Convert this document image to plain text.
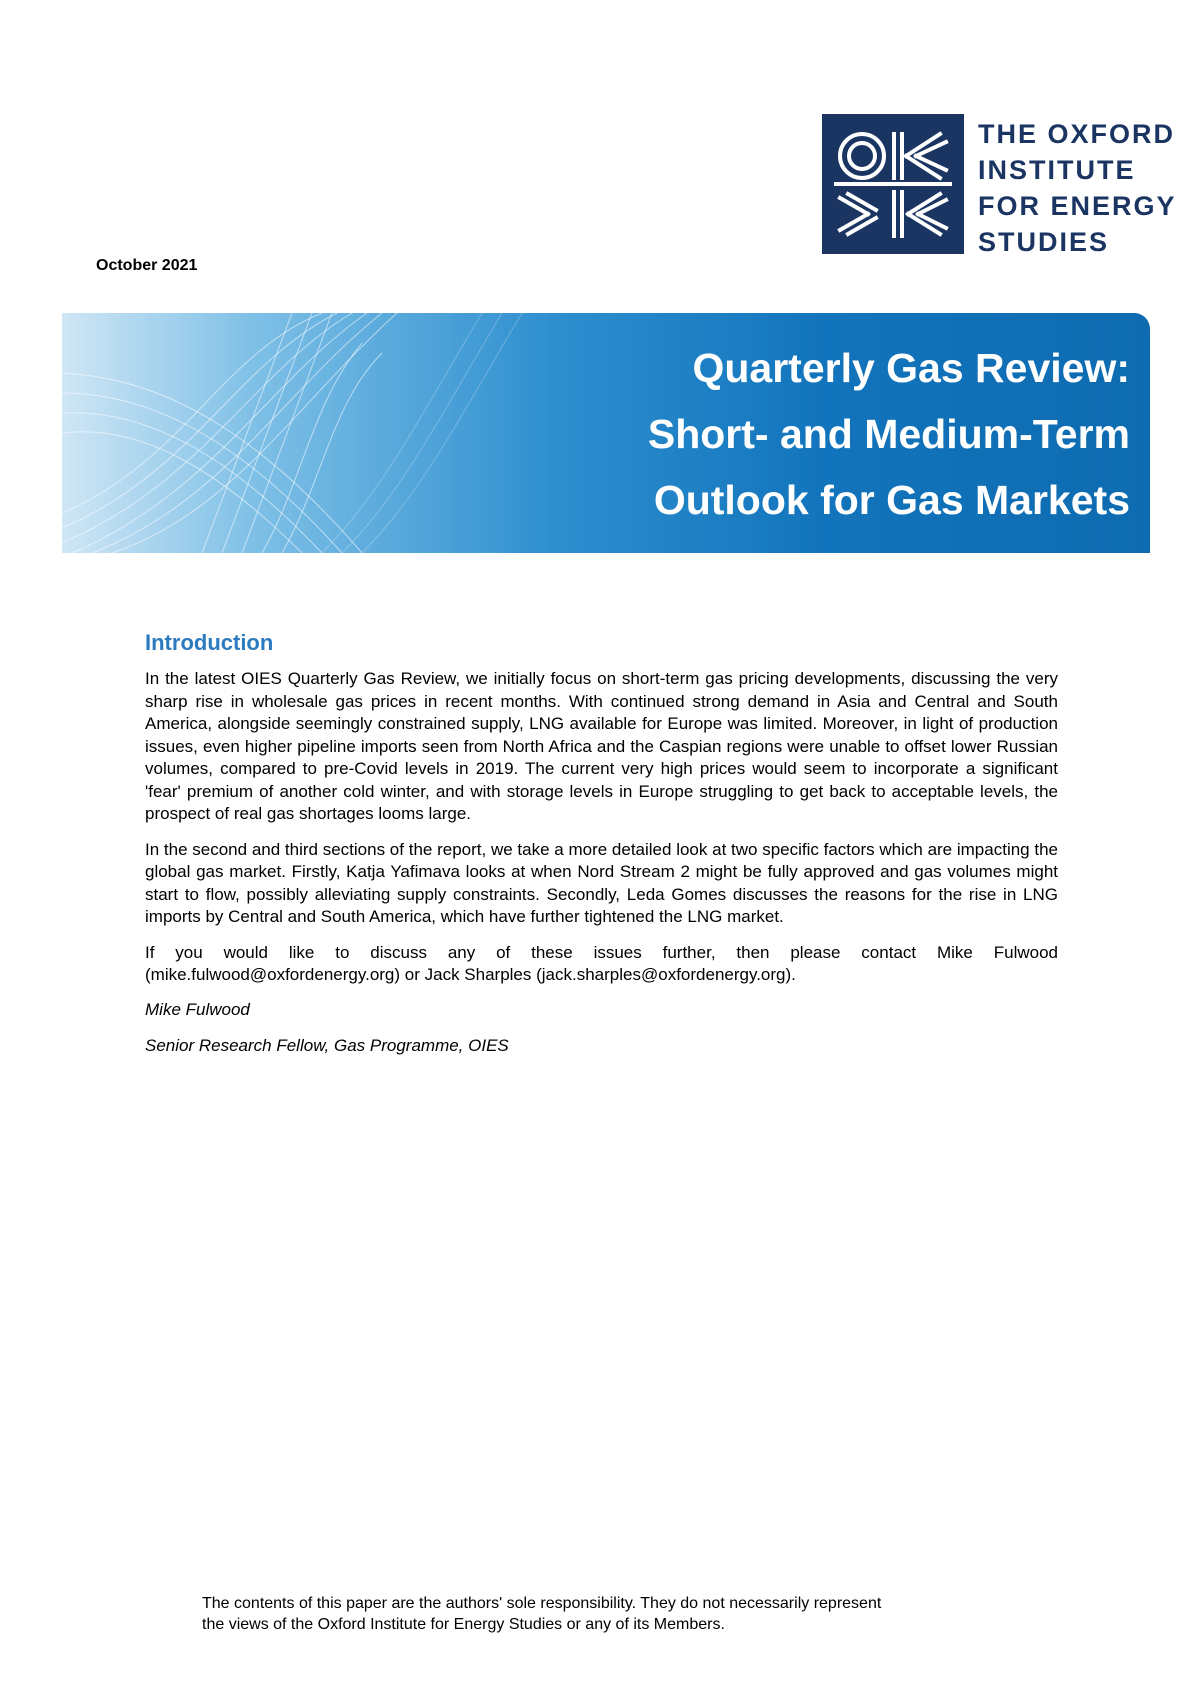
THE OXFORD
INSTITUTE
FOR ENERGY
STUDIES
October 2021
Quarterly Gas Review:
Short- and Medium-Term
Outlook for Gas Markets
Introduction

In the latest OIES Quarterly Gas Review, we initially focus on short-term gas pricing developments, discussing the very sharp rise in wholesale gas prices in recent months. With continued strong demand in Asia and Central and South America, alongside seemingly constrained supply, LNG available for Europe was limited. Moreover, in light of production issues, even higher pipeline imports seen from North Africa and the Caspian regions were unable to offset lower Russian volumes, compared to pre-Covid levels in 2019. The current very high prices would seem to incorporate a significant 'fear' premium of another cold winter, and with storage levels in Europe struggling to get back to acceptable levels, the prospect of real gas shortages looms large.

In the second and third sections of the report, we take a more detailed look at two specific factors which are impacting the global gas market. Firstly, Katja Yafimava looks at when Nord Stream 2 might be fully approved and gas volumes might start to flow, possibly alleviating supply constraints. Secondly, Leda Gomes discusses the reasons for the rise in LNG imports by Central and South America, which have further tightened the LNG market.

If you would like to discuss any of these issues further, then please contact Mike Fulwood (mike.fulwood@oxfordenergy.org) or Jack Sharples (jack.sharples@oxfordenergy.org).

Mike Fulwood

Senior Research Fellow, Gas Programme, OIES

The contents of this paper are the authors' sole responsibility. They do not necessarily represent
the views of the Oxford Institute for Energy Studies or any of its Members.
